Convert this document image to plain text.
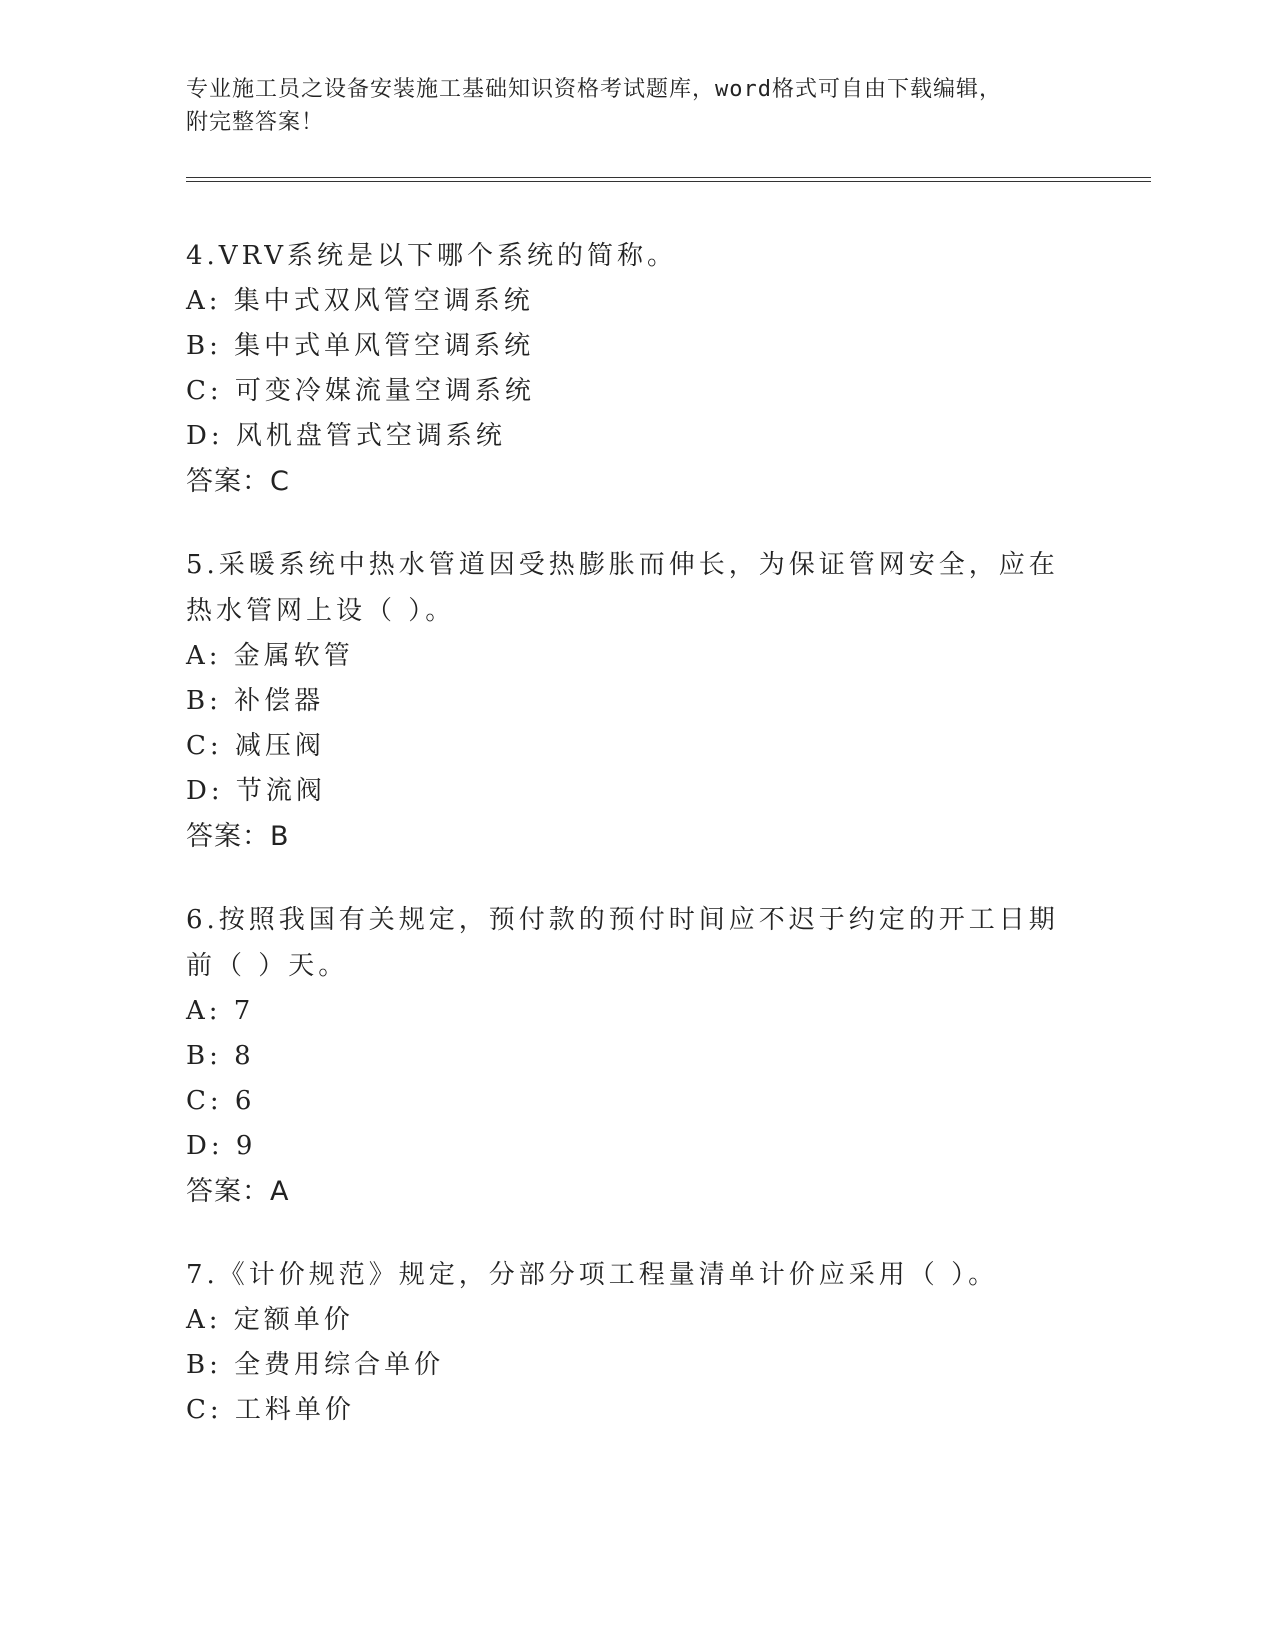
专业施工员之设备安装施工基础知识资格考试题库，word格式可自由下载编辑，
附完整答案！
4.VRV系统是以下哪个系统的简称。
A: 集中式双风管空调系统
B: 集中式单风管空调系统
C: 可变冷媒流量空调系统
D: 风机盘管式空调系统
答案：C
5.采暖系统中热水管道因受热膨胀而伸长，为保证管网安全，应在热水管网上设（ ）。
A: 金属软管
B: 补偿器
C: 减压阀
D: 节流阀
答案：B
6.按照我国有关规定，预付款的预付时间应不迟于约定的开工日期前（ ）天。
A: 7
B: 8
C: 6
D: 9
答案：A
7.《计价规范》规定，分部分项工程量清单计价应采用（ ）。
A: 定额单价
B: 全费用综合单价
C: 工料单价
